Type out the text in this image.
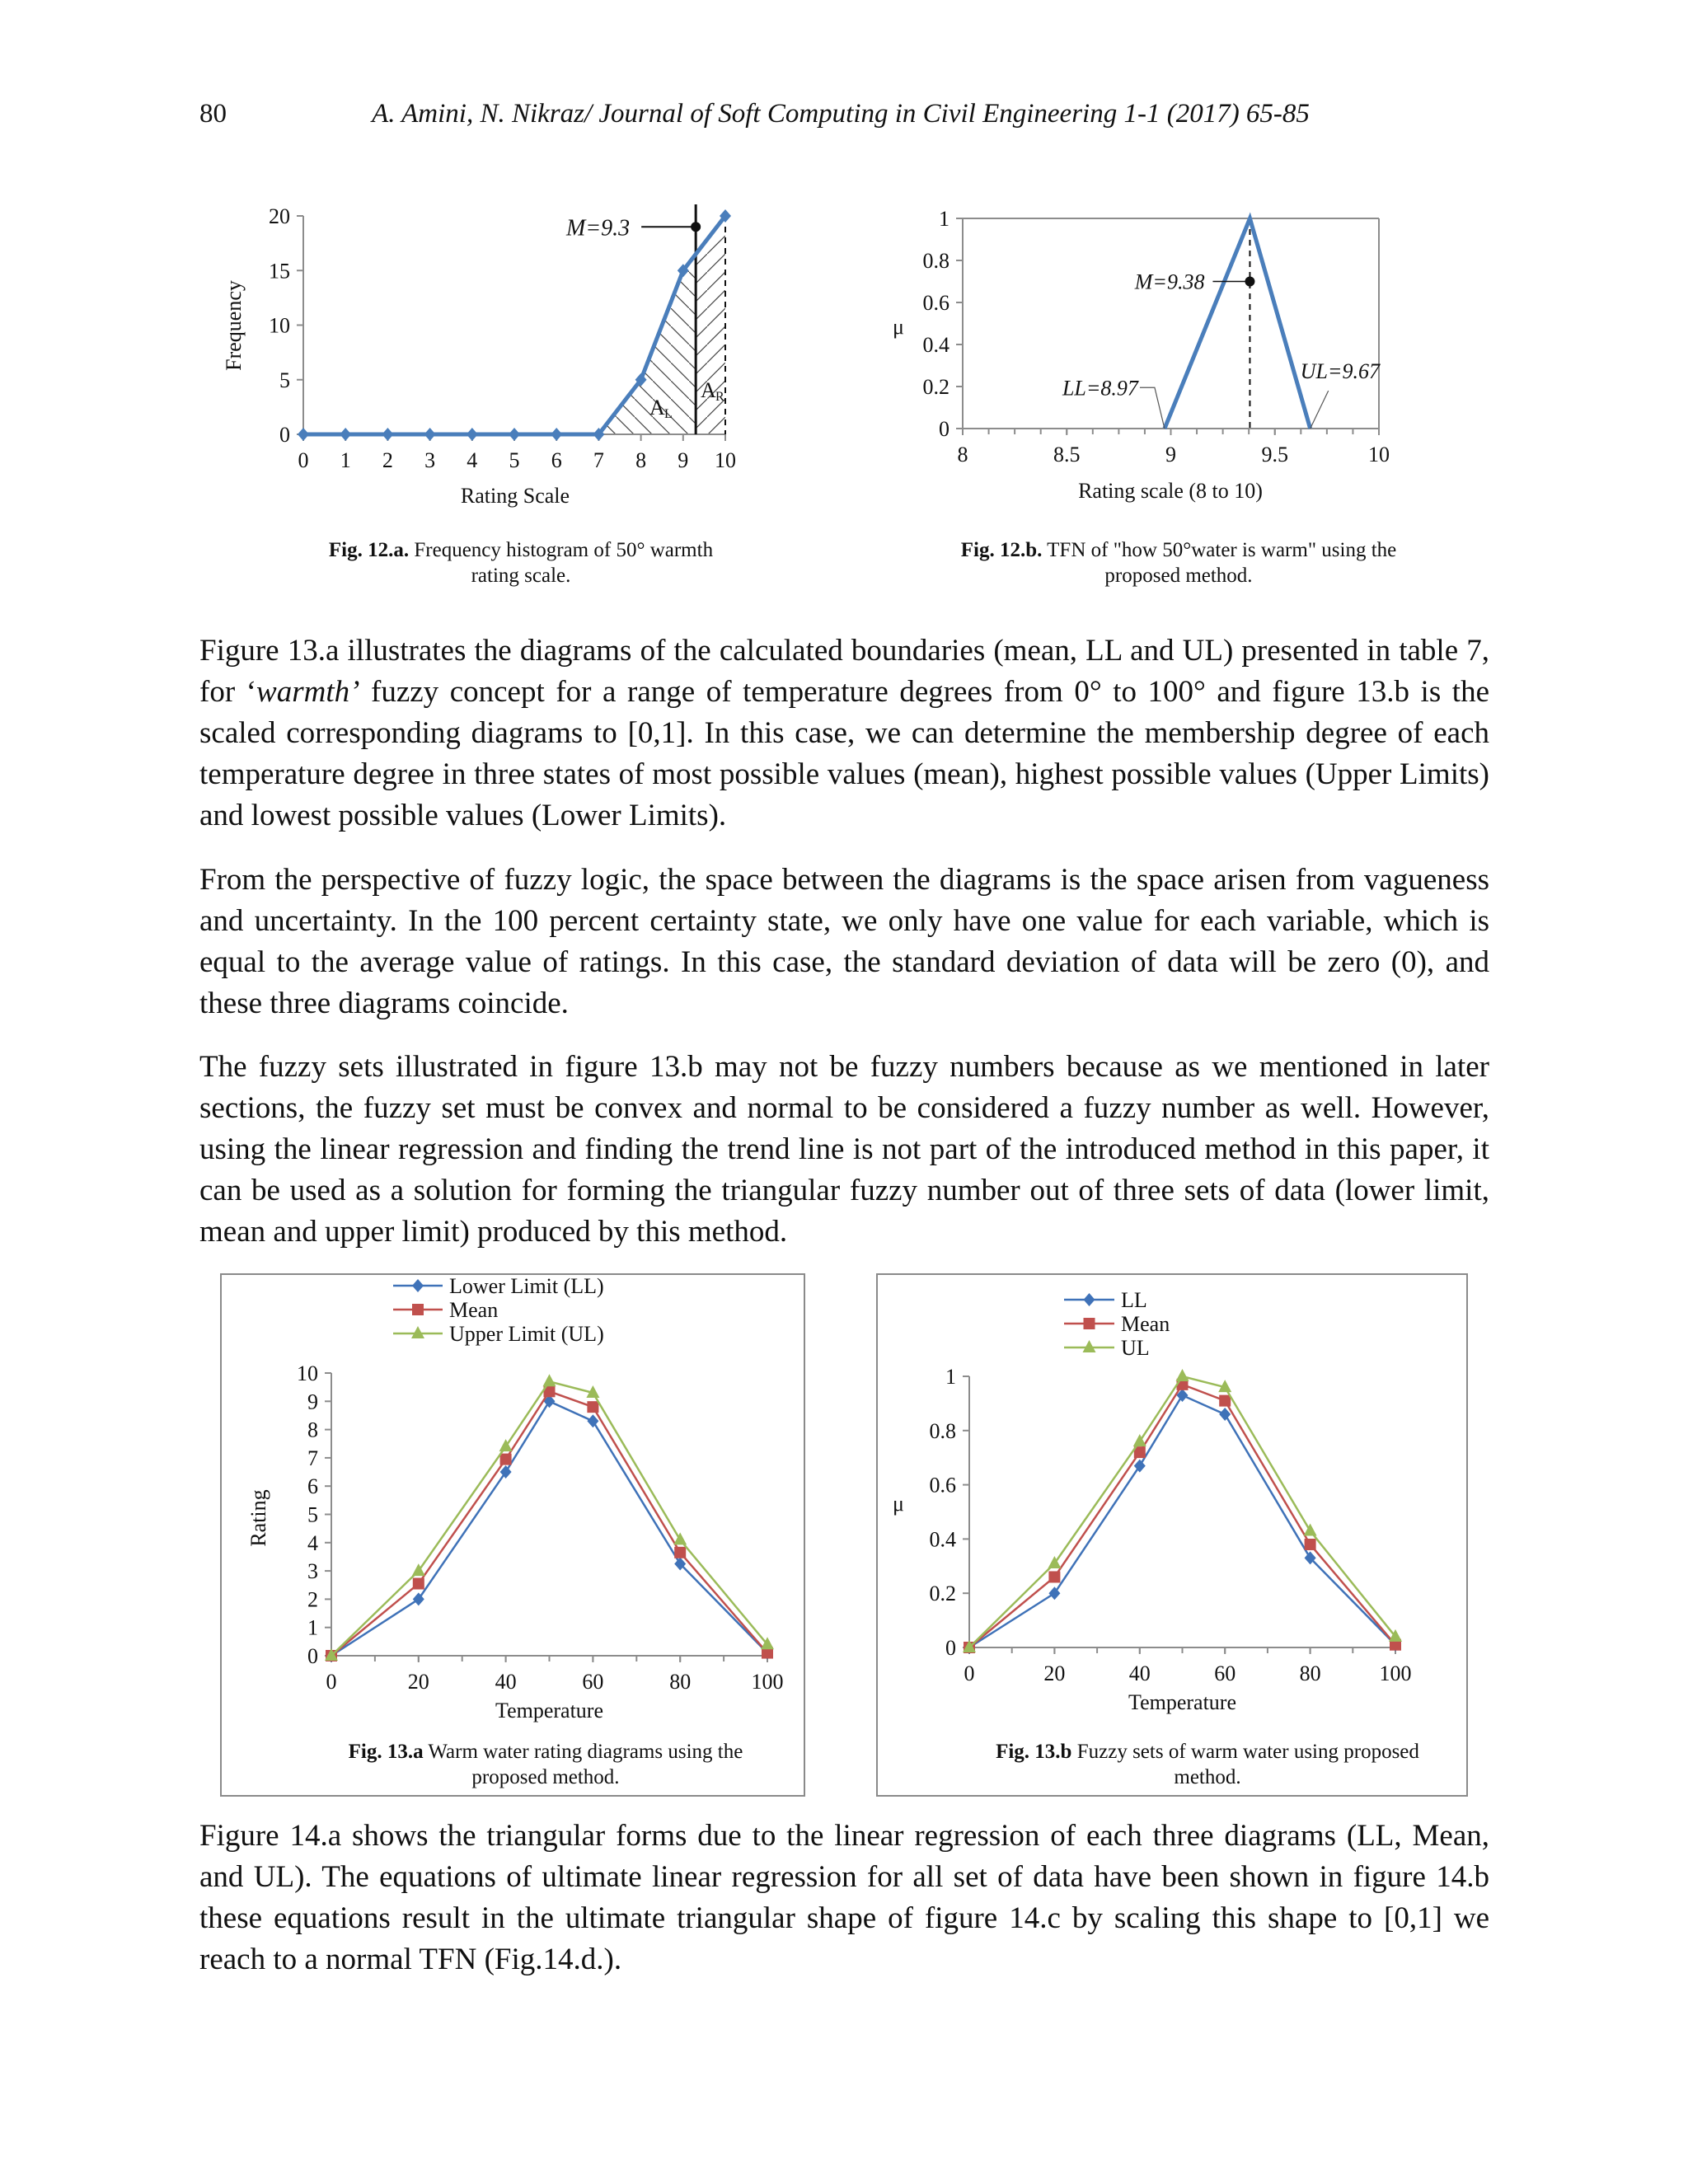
80	A. Amini, N. Nikraz/ Journal of Soft Computing in Civil Engineering 1-1 (2017) 65-85
0
5
10
15
20
0 1 2 3 4 5 6 7 8 9 10
M=9.3
A L
A R
Rating Scale
Frequency
0
0.2
0.4
0.6
0.8
1
8	8.5	9	9.5	10
M=9.38
LL=8.97
UL=9.67
Rating scale (8 to 10)
μ
0
1
2
3
4
5
6
7
8
9
10
0	20	40	60	80	100
Lower Limit (LL)
Mean
Upper Limit (UL)
Temperature
Rating
0
0.2
0.4
0.6
0.8
1
0	20	40	60	80	100
LL
Mean
UL
Temperature
μ
Fig. 12.a. Frequency histogram of 50° warmth rating scale.
Fig. 12.b. TFN of "how 50°water is warm" using the proposed method.
Fig. 13.a Warm water rating diagrams using the proposed method.
Fig. 13.b Fuzzy sets of warm water using proposed method.

Figure 13.a illustrates the diagrams of the calculated boundaries (mean, LL and UL) presented in table 7, for ‘warmth’ fuzzy concept for a range of temperature degrees from 0° to 100° and figure 13.b is the scaled corresponding diagrams to [0,1]. In this case, we can determine the membership degree of each temperature degree in three states of most possible values (mean), highest possible values (Upper Limits) and lowest possible values (Lower Limits).

From the perspective of fuzzy logic, the space between the diagrams is the space arisen from vagueness and uncertainty. In the 100 percent certainty state, we only have one value for each variable, which is equal to the average value of ratings. In this case, the standard deviation of data will be zero (0), and these three diagrams coincide.

The fuzzy sets illustrated in figure 13.b may not be fuzzy numbers because as we mentioned in later sections, the fuzzy set must be convex and normal to be considered a fuzzy number as well. However, using the linear regression and finding the trend line is not part of the introduced method in this paper, it can be used as a solution for forming the triangular fuzzy number out of three sets of data (lower limit, mean and upper limit) produced by this method.

Figure 14.a shows the triangular forms due to the linear regression of each three diagrams (LL, Mean, and UL). The equations of ultimate linear regression for all set of data have been shown in figure 14.b these equations result in the ultimate triangular shape of figure 14.c by scaling this shape to [0,1] we reach to a normal TFN (Fig.14.d.).
